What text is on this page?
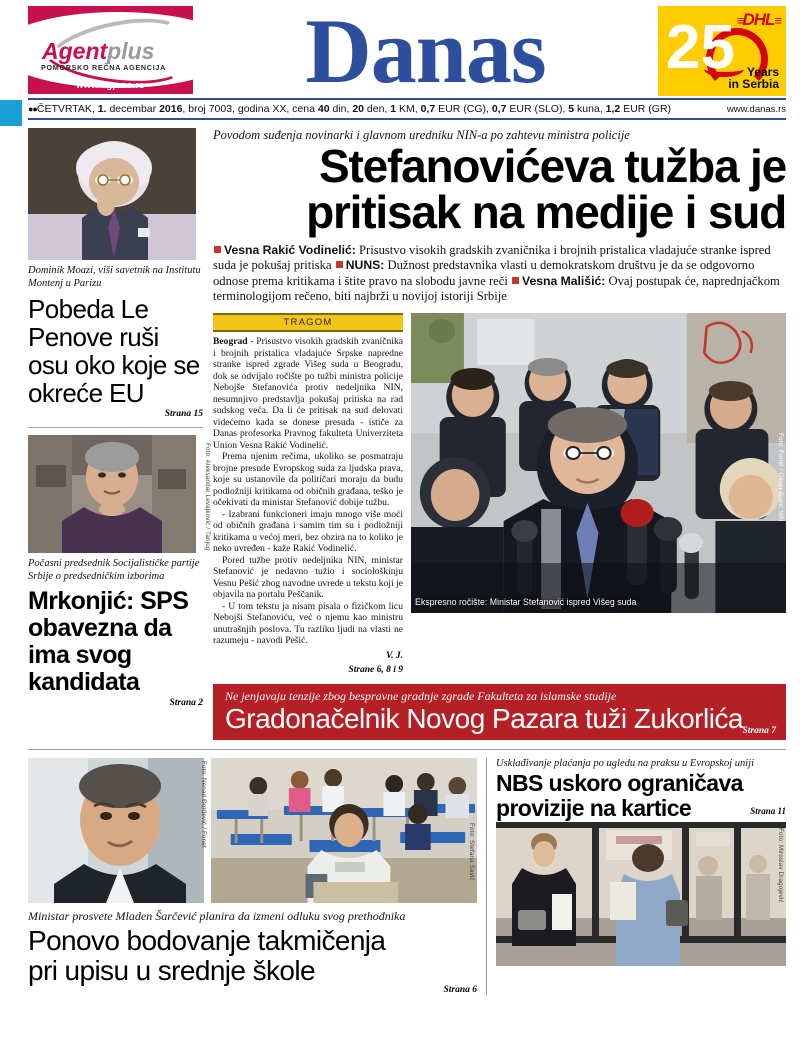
Agentplus
POMORSKO REČNA AGENCIJA
www.agp.co.rs	Danas	≡DHL≡
25 Years
in Serbia
●●ČETVRTAK, 1. decembar 2016, broj 7003, godina XX, cena 40 din, 20 den, 1 KM, 0,7 EUR (CG), 0,7 EUR (SLO), 5 kuna, 1,2 EUR (GR)	www.danas.rs
Dominik Moazi, viši savetnik na Institutu Montenj u Parizu
Pobeda Le Penove ruši osu oko koje se okreće EU
Strana 15
Foto: Aleksandar Levajković / Tanjug
Počasni predsednik Socijalističke partije Srbije o predsedničkim izborima
Mrkonjić: SPS obavezna da ima svog kandidata
Strana 2
Povodom suđenja novinarki i glavnom uredniku NIN-a po zahtevu ministra policije
Stefanovićeva tužba je
pritisak na medije i sud
Vesna Rakić Vodinelić: Prisustvo visokih gradskih zvaničnika i brojnih pristalica vladajuće stranke ispred suda je pokušaj pritiska NUNS: Dužnost predstavnika vlasti u demokratskom društvu je da se odgovorno odnose prema kritikama i štite pravo na slobodu javne reči Vesna Mališić: Ovaj postupak će, naprednjačkom terminologijom rečeno, biti najbrži u novijoj istoriji Srbije
TRAGOM

Beograd - Prisustvo visokih gradskih zvaničnika i brojnih pristalica vladajuće Srpske napredne stranke ispred zgrade Višeg suda u Beogradu, dok se odvijalo ročište po tužbi ministra policije Nebojše Stefanovića protiv nedeljnika NIN, nesumnjivo predstavlja pokušaj pritiska na rad sudskog veća. Da li će pritisak na sud delovati videćemo kada se donese presuda - ističe za Danas profesorka Pravnog fakulteta Univerziteta Union Vesna Rakić Vodinelić.

Prema njenim rečima, ukoliko se posmatraju brojne presude Evropskog suda za ljudska prava, koje su ustanovile da političari moraju da budu podložniji kritikama od običnih građana, teško je očekivati da ministar Stefanović dobije tužbu.

- Izabrani funkcioneri imaju mnogo više moći od običnih građana i samim tim su i podložniji kritikama u većoj meri, bez obzira na to koliko je neko uvređen - kaže Rakić Vodinelić.

Pored tužbe protiv nedeljnika NIN, ministar Stefanović je nedavno tužio i sociološkinju Vesnu Pešić zbog navodne uvrede u tekstu koji je objavila na portalu Peščanik.

- U tom tekstu ja nisam pisala o fizičkom licu Nebojši Stefanoviću, već o njemu kao ministru unutrašnjih poslova. Tu razliku ljudi na vlasti ne razumeju - navodi Pešić.

V. J.
Strane 6, 8 i 9
Ekspresno ročište: Ministar Stefanović ispred Višeg suda
Foto: Fonet / Oliver Bunić NIN
Ne jenjavaju tenzije zbog bespravne gradnje zgrade Fakulteta za islamske studije
Gradonačelnik Novog Pazara tuži Zukorlića Strana 7
Foto: Nenad Đorđević / Fonet
Foto: Stefana Savić
Ministar prosvete Mladen Šarčević planira da izmeni odluku svog prethodnika
Ponovo bodovanje takmičenja
pri upisu u srednje škole
Strana 6
Usklađivanje plaćanja po ugledu na praksu u Evropskoj uniji
NBS uskoro ograničava
provizije na kartice	Strana 11
Foto: Miroslav Dragojević
